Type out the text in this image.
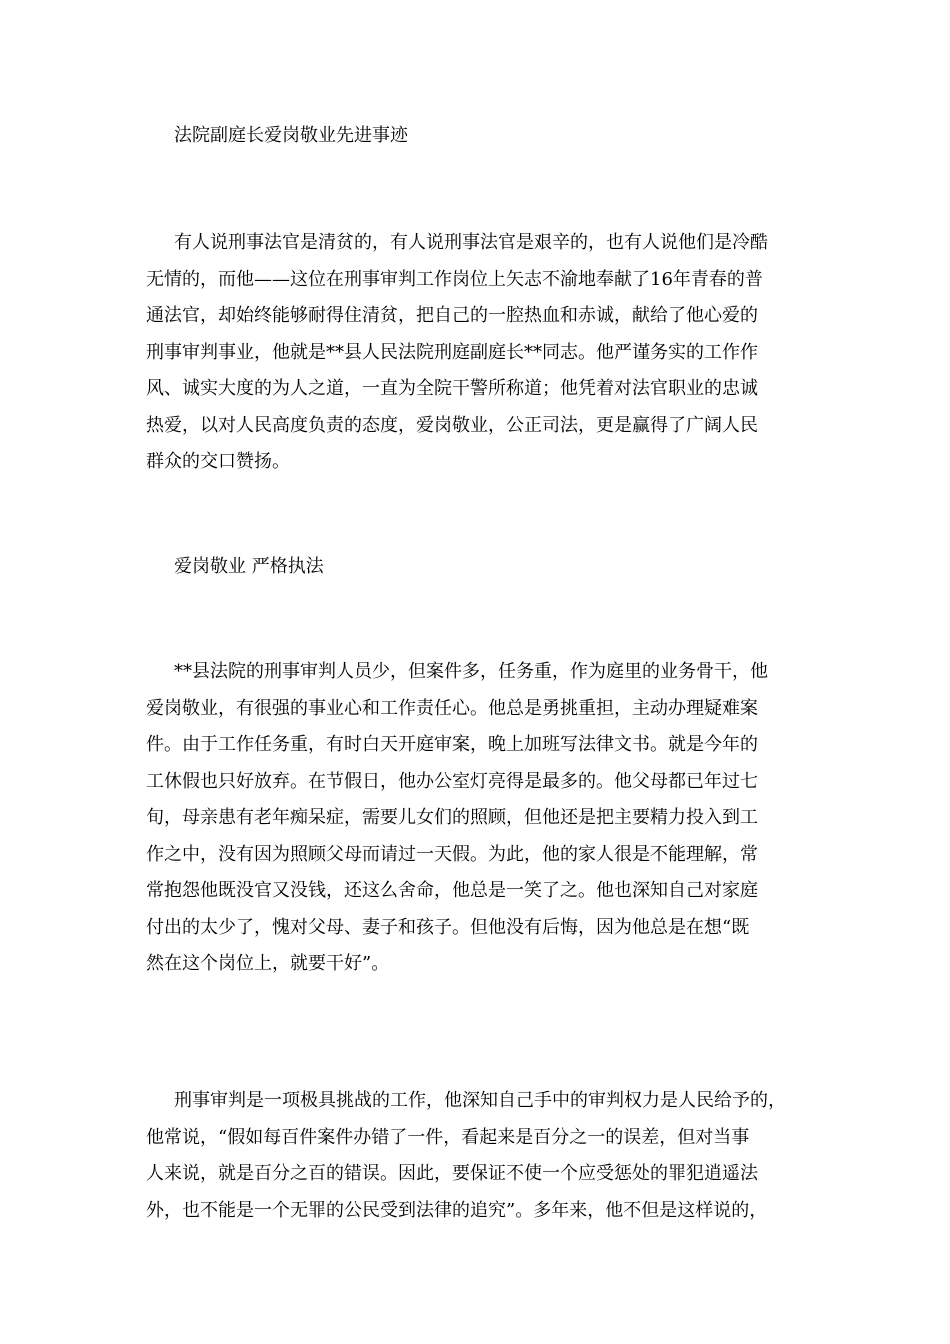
法院副庭长爱岗敬业先进事迹
有人说刑事法官是清贫的，有人说刑事法官是艰辛的，也有人说他们是冷酷
无情的，而他——这位在刑事审判工作岗位上矢志不渝地奉献了16年青春的普
通法官，却始终能够耐得住清贫，把自己的一腔热血和赤诚，献给了他心爱的
刑事审判事业，他就是**县人民法院刑庭副庭长**同志。他严谨务实的工作作
风、诚实大度的为人之道，一直为全院干警所称道；他凭着对法官职业的忠诚
热爱，以对人民高度负责的态度，爱岗敬业，公正司法，更是赢得了广阔人民
群众的交口赞扬。
爱岗敬业 严格执法
**县法院的刑事审判人员少，但案件多，任务重，作为庭里的业务骨干，他
爱岗敬业，有很强的事业心和工作责任心。他总是勇挑重担，主动办理疑难案
件。由于工作任务重，有时白天开庭审案，晚上加班写法律文书。就是今年的
工休假也只好放弃。在节假日，他办公室灯亮得是最多的。他父母都已年过七
旬，母亲患有老年痴呆症，需要儿女们的照顾，但他还是把主要精力投入到工
作之中，没有因为照顾父母而请过一天假。为此，他的家人很是不能理解，常
常抱怨他既没官又没钱，还这么舍命，他总是一笑了之。他也深知自己对家庭
付出的太少了，愧对父母、妻子和孩子。但他没有后悔，因为他总是在想“既
然在这个岗位上，就要干好”。
刑事审判是一项极具挑战的工作，他深知自己手中的审判权力是人民给予的，
他常说，“假如每百件案件办错了一件，看起来是百分之一的误差，但对当事
人来说，就是百分之百的错误。因此，要保证不使一个应受惩处的罪犯逍遥法
外，也不能是一个无罪的公民受到法律的追究”。多年来，他不但是这样说的，
